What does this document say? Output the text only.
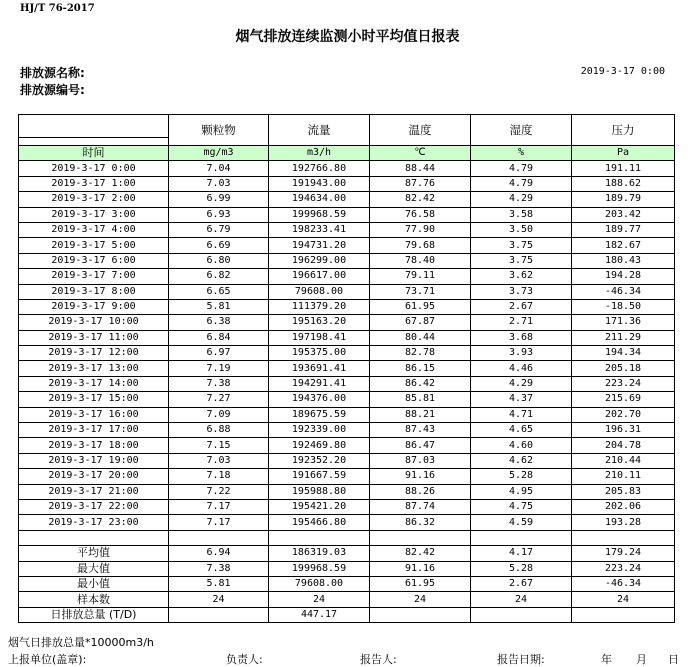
HJ/T 76-2017
烟气排放连续监测小时平均值日报表
排放源名称:
排放源编号:
2019-3-17 0:00
	颗粒物	流量	温度	湿度	压力
时间	mg/m3	m3/h	℃	%	Pa
2019-3-17 0:00	7.04	192766.80	88.44	4.79	191.11
2019-3-17 1:00	7.03	191943.00	87.76	4.79	188.62
2019-3-17 2:00	6.99	194634.00	82.42	4.29	189.79
2019-3-17 3:00	6.93	199968.59	76.58	3.58	203.42
2019-3-17 4:00	6.79	198233.41	77.90	3.50	189.77
2019-3-17 5:00	6.69	194731.20	79.68	3.75	182.67
2019-3-17 6:00	6.80	196299.00	78.40	3.75	180.43
2019-3-17 7:00	6.82	196617.00	79.11	3.62	194.28
2019-3-17 8:00	6.65	79608.00	73.71	3.73	-46.34
2019-3-17 9:00	5.81	111379.20	61.95	2.67	-18.50
2019-3-17 10:00	6.38	195163.20	67.87	2.71	171.36
2019-3-17 11:00	6.84	197198.41	80.44	3.68	211.29
2019-3-17 12:00	6.97	195375.00	82.78	3.93	194.34
2019-3-17 13:00	7.19	193691.41	86.15	4.46	205.18
2019-3-17 14:00	7.38	194291.41	86.42	4.29	223.24
2019-3-17 15:00	7.27	194376.00	85.81	4.37	215.69
2019-3-17 16:00	7.09	189675.59	88.21	4.71	202.70
2019-3-17 17:00	6.88	192339.00	87.43	4.65	196.31
2019-3-17 18:00	7.15	192469.80	86.47	4.60	204.78
2019-3-17 19:00	7.03	192352.20	87.03	4.62	210.44
2019-3-17 20:00	7.18	191667.59	91.16	5.28	210.11
2019-3-17 21:00	7.22	195988.80	88.26	4.95	205.83
2019-3-17 22:00	7.17	195421.20	87.74	4.75	202.06
2019-3-17 23:00	7.17	195466.80	86.32	4.59	193.28

平均值	6.94	186319.03	82.42	4.17	179.24
最大值	7.38	199968.59	91.16	5.28	223.24
最小值	5.81	79608.00	61.95	2.67	-46.34
样本数	24	24	24	24	24
日排放总量 (T/D)		447.17			
烟气日排放总量*10000m3/h
上报单位(盖章):	负责人:	报告人:	报告日期:	年 月 日
